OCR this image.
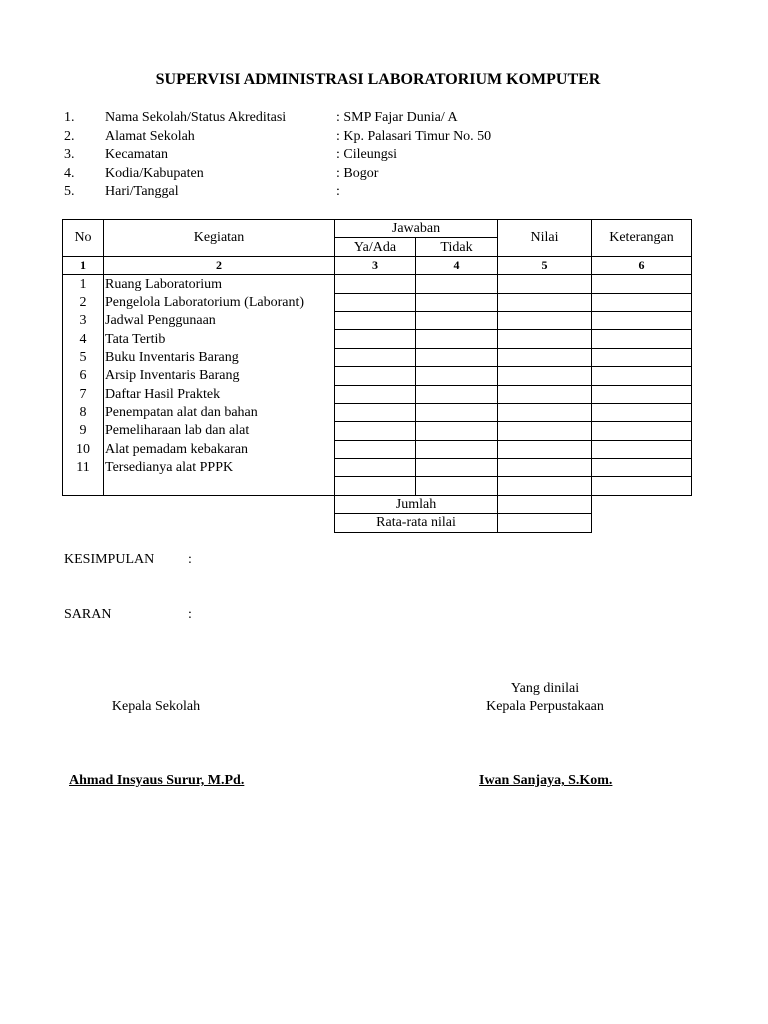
SUPERVISI ADMINISTRASI LABORATORIUM KOMPUTER
1. Nama Sekolah/Status Akreditasi	: SMP Fajar Dunia/ A
2. Alamat Sekolah	: Kp. Palasari Timur No. 50
3. Kecamatan	: Cileungsi
4. Kodia/Kabupaten	: Bogor
5. Hari/Tanggal	:
No	Kegiatan	Jawaban		Nilai	Keterangan
		Ya/Ada	Tidak		
1	2	3	4	5	6
1	Ruang Laboratorium				
2	Pengelola Laboratorium (Laborant)				
3	Jadwal Penggunaan				
4	Tata Tertib				
5	Buku Inventaris Barang				
6	Arsip Inventaris Barang				
7	Daftar Hasil Praktek				
8	Penempatan alat dan bahan				
9	Pemeliharaan lab dan alat				
10	Alat pemadam kebakaran				
11	Tersedianya alat PPPK				

		Jumlah			
		Rata-rata nilai			
KESIMPULAN :
SARAN	:
Kepala Sekolah
Ahmad Insyaus Surur, M.Pd.
Yang dinilai
Kepala Perpustakaan
Iwan Sanjaya, S.Kom.
